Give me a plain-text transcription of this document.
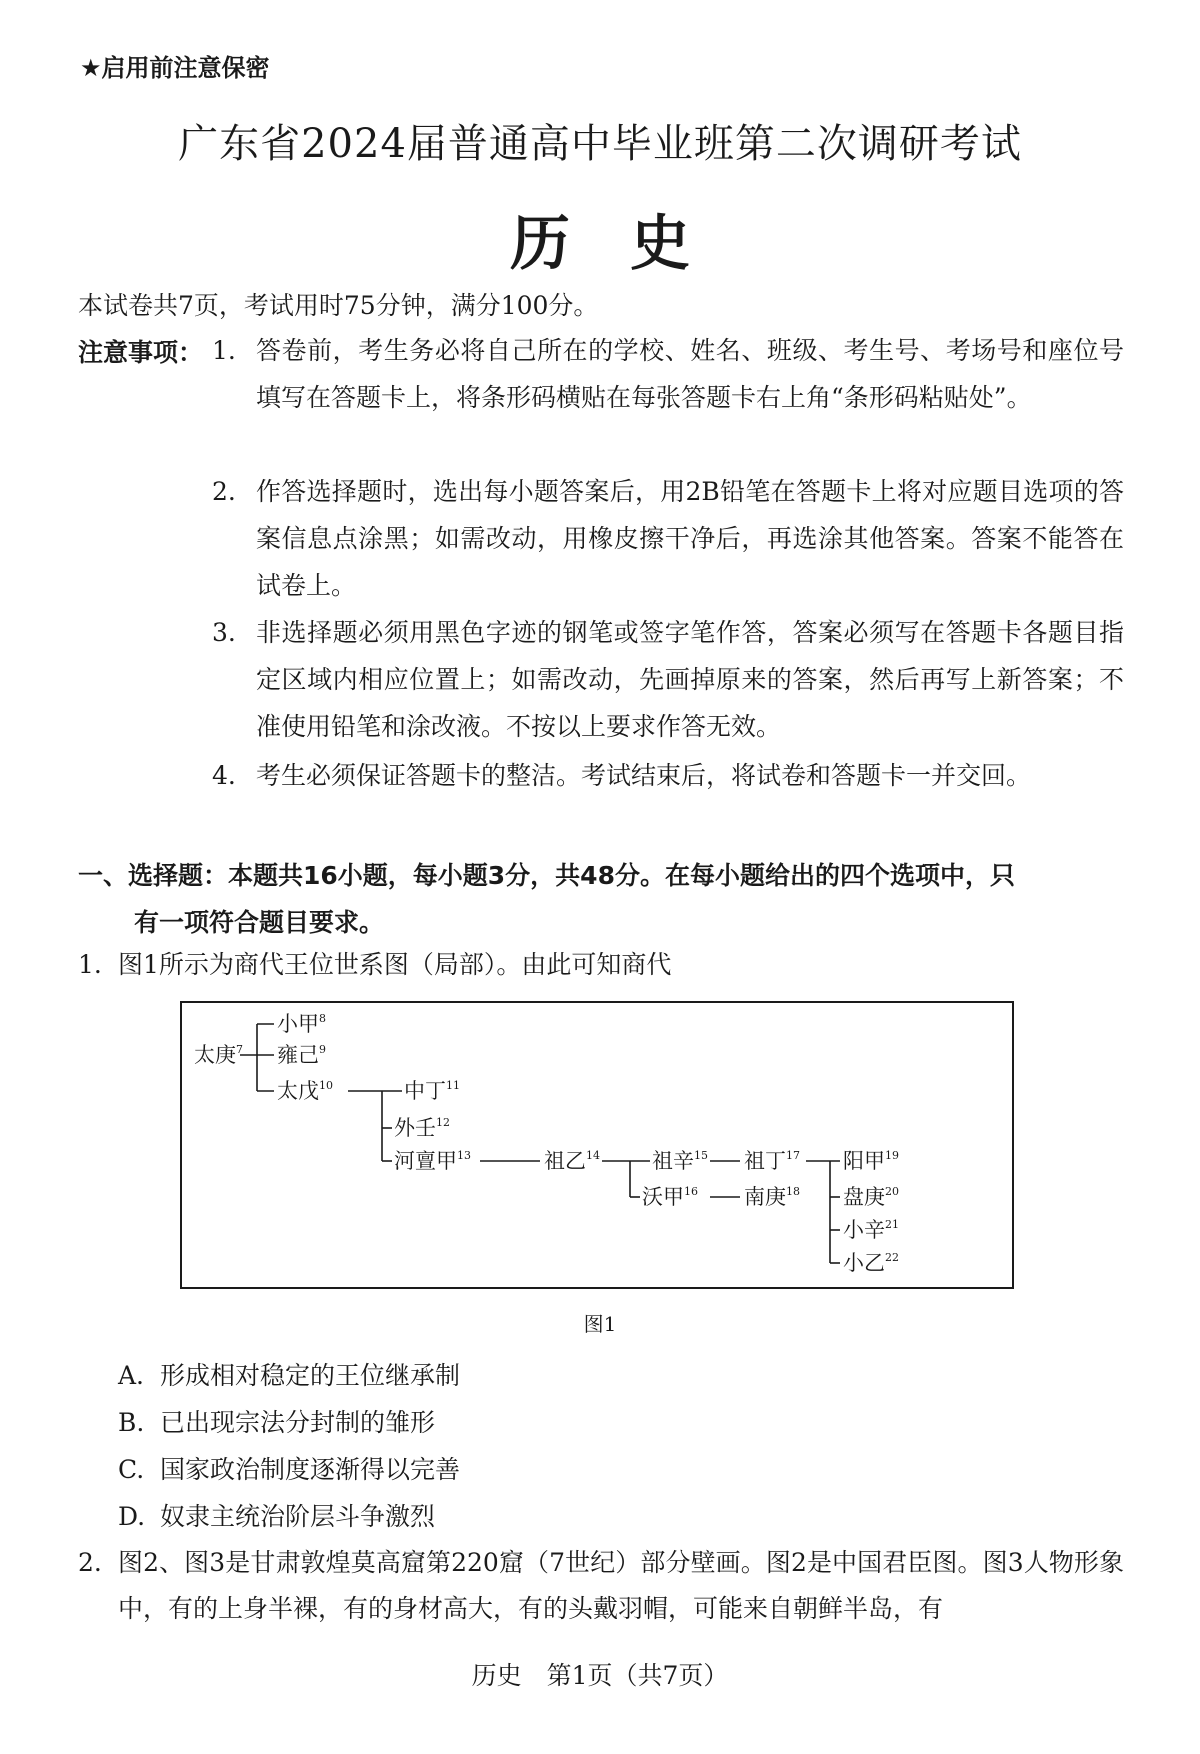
★启用前注意保密
广东省2024届普通高中毕业班第二次调研考试
历史
本试卷共7页，考试用时75分钟，满分100分。
注意事项： 1. 答卷前，考生务必将自己所在的学校、姓名、班级、考生号、考场号和座位号填写在答题卡上，将条形码横贴在每张答题卡右上角“条形码粘贴处”。
2. 作答选择题时，选出每小题答案后，用2B铅笔在答题卡上将对应题目选项的答案信息点涂黑；如需改动，用橡皮擦干净后，再选涂其他答案。答案不能答在试卷上。
3. 非选择题必须用黑色字迹的钢笔或签字笔作答，答案必须写在答题卡各题目指定区域内相应位置上；如需改动，先画掉原来的答案，然后再写上新答案；不准使用铅笔和涂改液。不按以上要求作答无效。
4. 考生必须保证答题卡的整洁。考试结束后，将试卷和答题卡一并交回。
一、选择题：本题共16小题，每小题3分，共48分。在每小题给出的四个选项中，只
有一项符合题目要求。
1. 图1所示为商代王位世系图（局部）。由此可知商代
太庚$^7$
小甲$^8$
雍己$^9$
太戊$^{10}$	中丁$^{11}$
外壬$^{12}$
河亶甲$^{13}$	祖乙$^{14}$ 祖辛$^{15}$
沃甲$^{16}$
祖丁$^{17}$
南庚$^{18}$
阳甲$^{19}$
盘庚$^{20}$
小辛$^{21}$
小乙$^{22}$
图1
A. 形成相对稳定的王位继承制
B. 已出现宗法分封制的雏形
C. 国家政治制度逐渐得以完善
D. 奴隶主统治阶层斗争激烈
2. 图2、图3是甘肃敦煌莫高窟第220窟（7世纪）部分壁画。图2是中国君臣图。图3人物形象中，有的上身半裸，有的身材高大，有的头戴羽帽，可能来自朝鲜半岛，有
历史　第1页（共7页）
